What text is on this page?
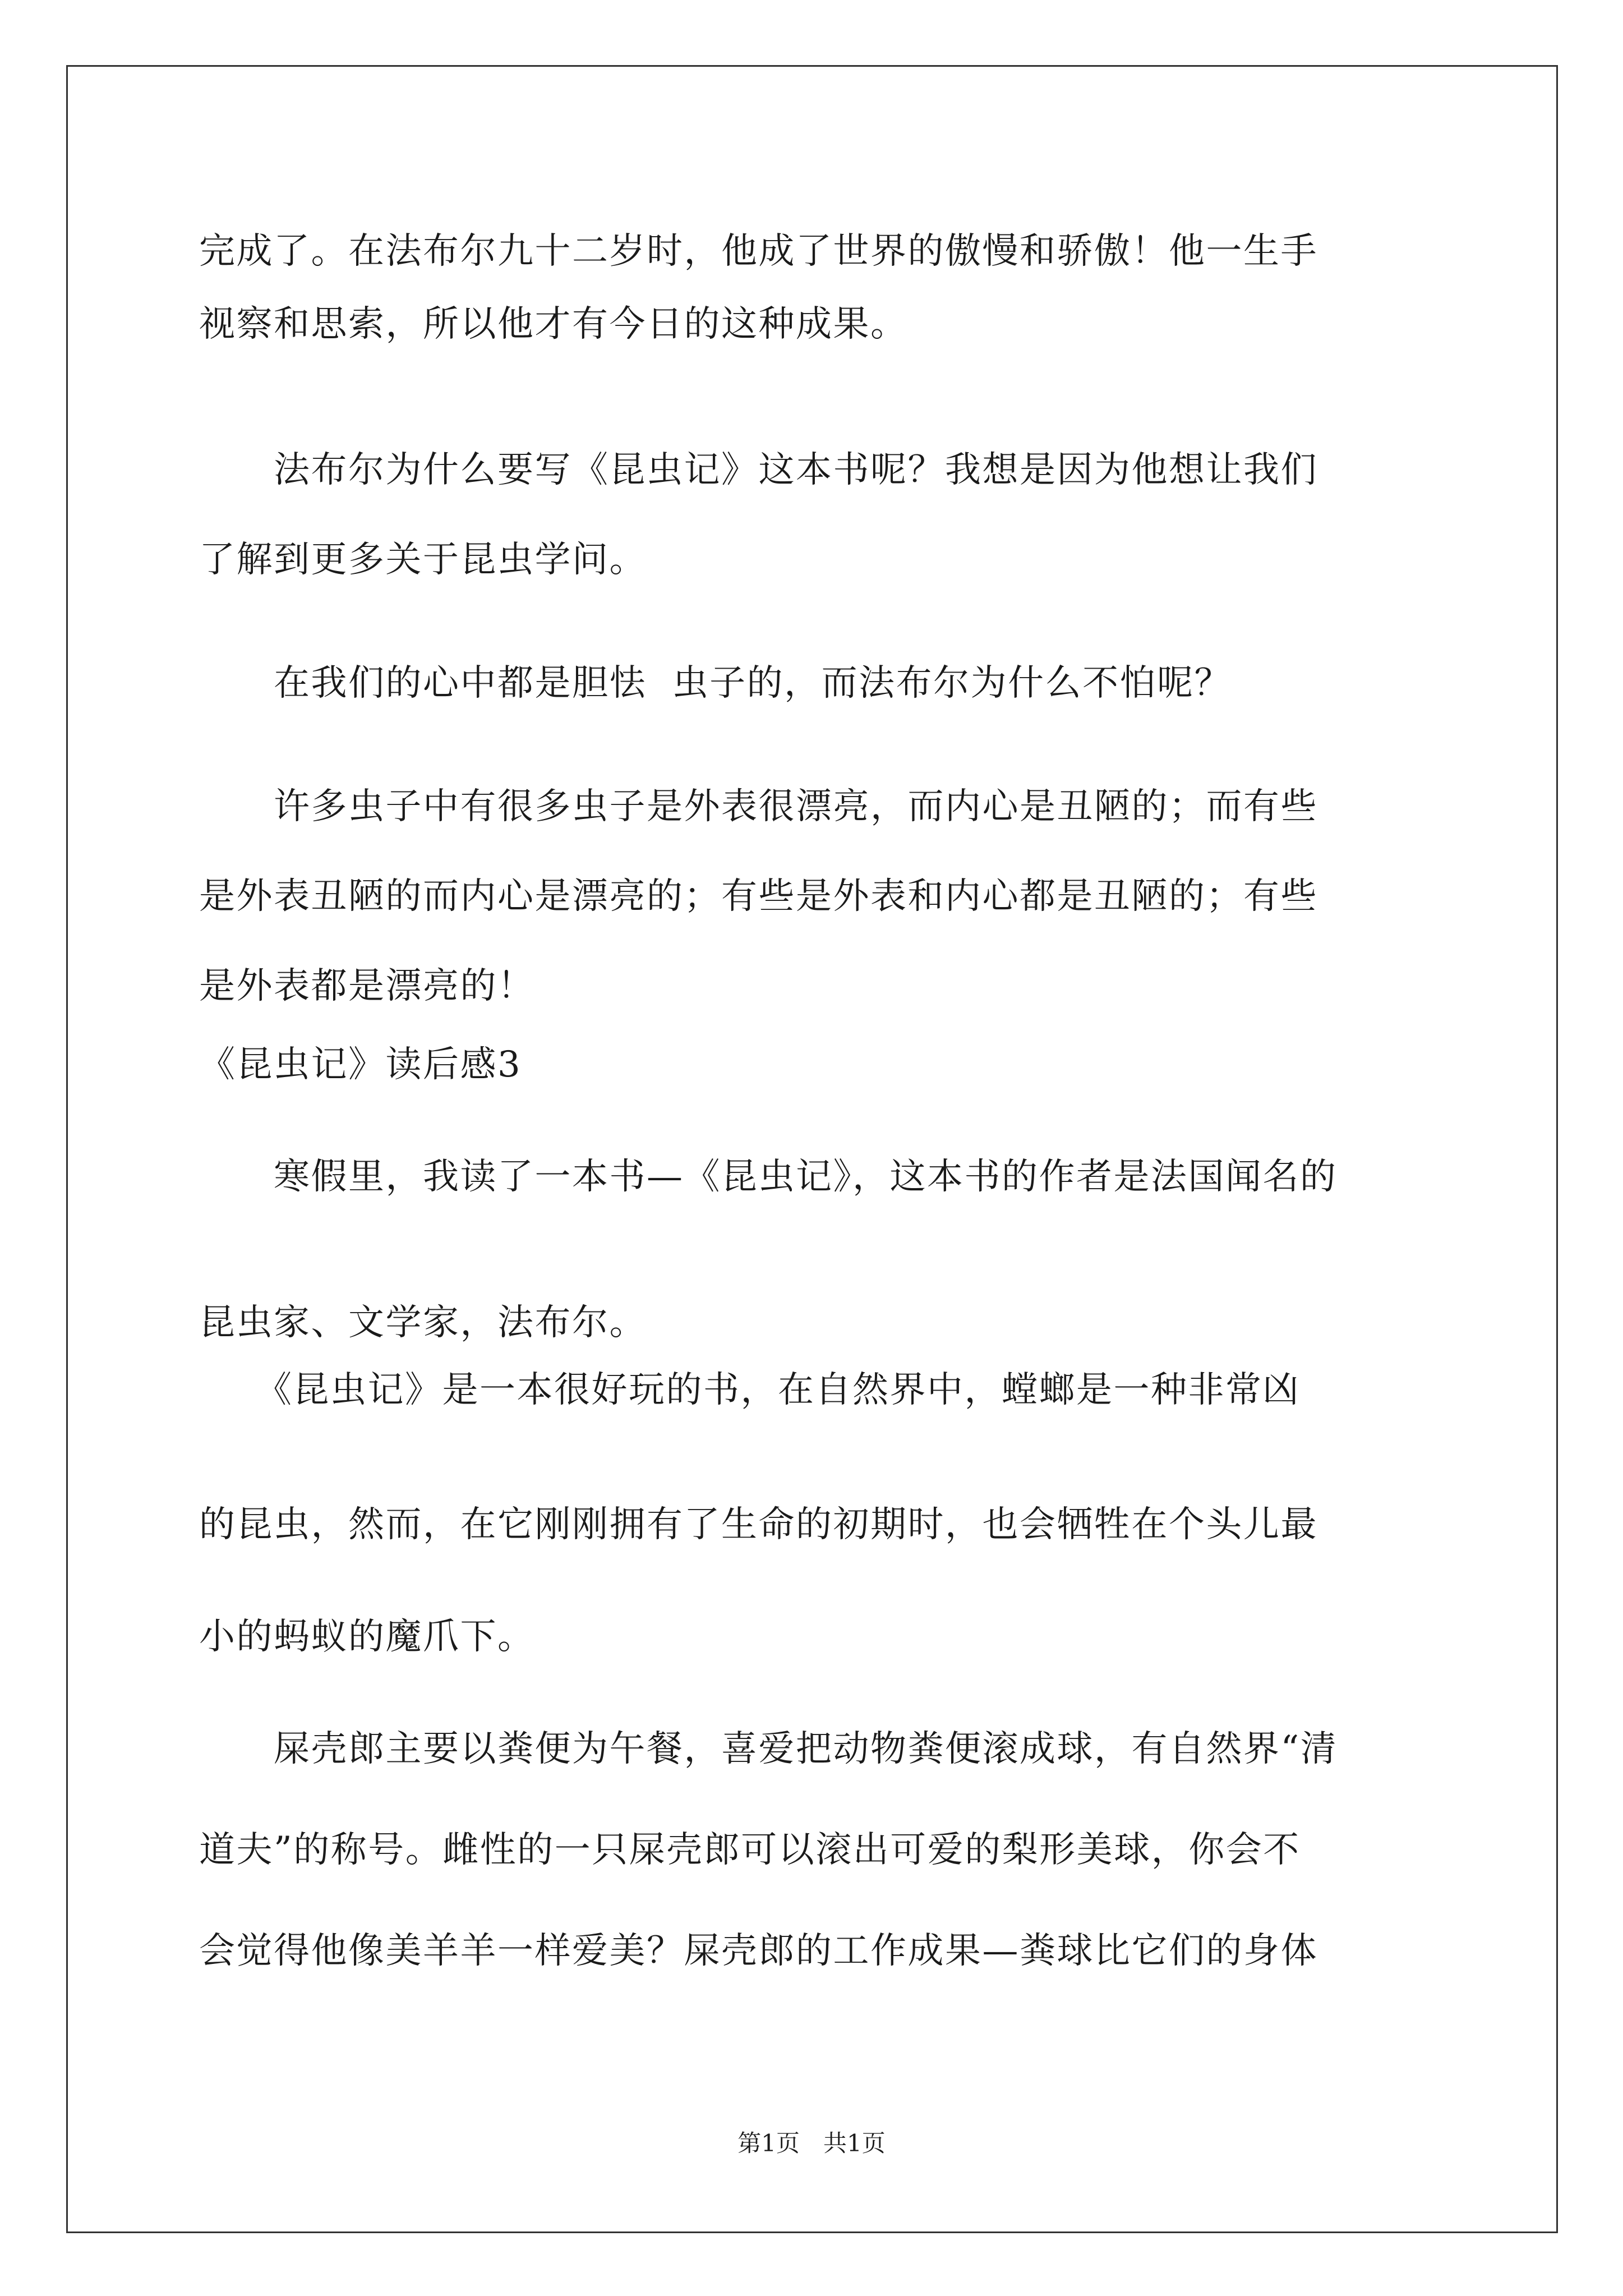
完成了。在法布尔九十二岁时，他成了世界的傲慢和骄傲！他一生手
视察和思索，所以他才有今日的这种成果。
　　法布尔为什么要写《昆虫记》这本书呢？我想是因为他想让我们
了解到更多关于昆虫学问。
　　在我们的心中都是胆怯  虫子的，而法布尔为什么不怕呢？
　　许多虫子中有很多虫子是外表很漂亮，而内心是丑陋的；而有些
是外表丑陋的而内心是漂亮的；有些是外表和内心都是丑陋的；有些
是外表都是漂亮的！
《昆虫记》读后感3
　　寒假里，我读了一本书—《昆虫记》，这本书的作者是法国闻名的
昆虫家、文学家，法布尔。
　　《昆虫记》是一本很好玩的书，在自然界中，螳螂是一种非常凶
的昆虫，然而，在它刚刚拥有了生命的初期时，也会牺牲在个头儿最
小的蚂蚁的魔爪下。
　　屎壳郎主要以粪便为午餐，喜爱把动物粪便滚成球，有自然界“清
道夫”的称号。雌性的一只屎壳郎可以滚出可爱的梨形美球，你会不
会觉得他像美羊羊一样爱美？屎壳郎的工作成果—粪球比它们的身体
第1页　共1页
